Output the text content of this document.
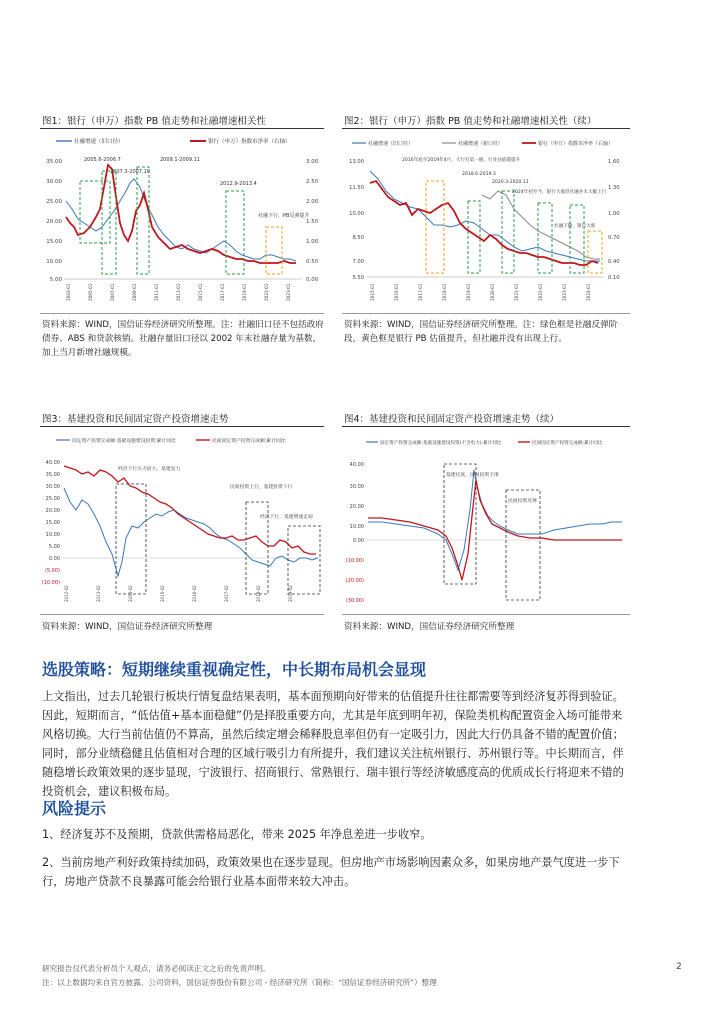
图1：银行（申万）指数 PB 值走势和社融增速相关性
社融增速（旧口径）	银行（申万）指数市净率（右轴）
35.00
30.00
25.00
20.00
15.00
10.00
5.00
3.00
2.50
2.00
1.50
1.00
0.50
0.00
2005.6-2006.7
2007.3-2007.10
2009.1-2009.11
2012.9-2013.4
社融下行，PB反弹提升
2003-01	2005-01	2007-01	2009-01	2011-01	2013-01	2015-01	2017-01	2019-01	2021-01	2023-01
资料来源：WIND，国信证券经济研究所整理。注：社融旧口径不包括政府债券、ABS 和贷款核销。社融存量旧口径以 2002 年末社融存量为基数，加上当月新增社融规模。
图2：银行（申万）指数 PB 值走势和社融增速相关性（续）
社融增速（旧口径）	社融增速（新口径）	银行（申万）指数市净率（右轴）
13.00
11.50
10.00
8.50
7.00
5.50
1.60
1.30
1.00
0.70
0.40
0.10
2016年底至2019年4月，大行打第一板，行业估值都提升
2018.6-2019.3
2020.3-2020.11
2024年初至今，银行大涨但社融并未大幅上行
社融下降，银行大涨
2015-01	2016-01	2017-01	2018-01	2019-01	2020-01	2021-01	2022-01	2023-01	2024-01
资料来源：WIND，国信证券经济研究所整理。注：绿色框是社融反弹阶段，黄色框是银行 PB 估值提升，但社融并没有出现上行。
图3：基建投资和民间固定资产投资增速走势
固定资产投资完成额:基础设施建设投资:累计同比	民间固定资产投资完成额:累计同比
40.00
35.00
30.00
25.00
20.00
15.00
10.00
5.00
0.00
(5.00)
(10.00)
经济下行压力较大，基建发力
民间投资上行，基建投资下行
经济下行，基建增速走弱
2012-02	2013-02	2014-02	2015-02	2016-02	2017-02	2018-02	2019-02
资料来源：WIND，国信证券经济研究所整理
图4：基建投资和民间固定资产投资增速走势（续）
固定资产投资完成额:基础设施建设投资(不含电力):累计同比	民间固定资产投资完成额:累计同比
40.00
30.00
20.00
10.00
0.00
(10.00)
(20.00)
(30.00)
基建托底，民间投资下滑
民间投资反弹
资料来源：WIND，国信证券经济研究所整理
选股策略：短期继续重视确定性，中长期布局机会显现
上文指出，过去几轮银行板块行情复盘结果表明，基本面预期向好带来的估值提升往往都需要等到经济复苏得到验证。
因此，短期而言，“低估值+基本面稳健”仍是择股重要方向，尤其是年底到明年初，保险类机构配置资金入场可能带来
风格切换。大行当前估值仍不算高，虽然后续定增会稀释股息率但仍有一定吸引力，因此大行仍具备不错的配置价值；
同时，部分业绩稳健且估值相对合理的区域行吸引力有所提升，我们建议关注杭州银行、苏州银行等。中长期而言，伴
随稳增长政策效果的逐步显现，宁波银行、招商银行、常熟银行、瑞丰银行等经济敏感度高的优质成长行将迎来不错的
投资机会，建议积极布局。
风险提示
1、经济复苏不及预期，贷款供需格局恶化，带来 2025 年净息差进一步收窄。
2、当前房地产利好政策持续加码，政策效果也在逐步显现。但房地产市场影响因素众多，如果房地产景气度进一步下
行，房地产贷款不良暴露可能会给银行业基本面带来较大冲击。
研究报告仅代表分析员个人观点，请务必阅读正文之后的免责声明。
注：以上数据均来自官方披露、公司资料，国信证券股份有限公司 - 经济研究所（简称：“国信证券经济研究所”）整理
2
